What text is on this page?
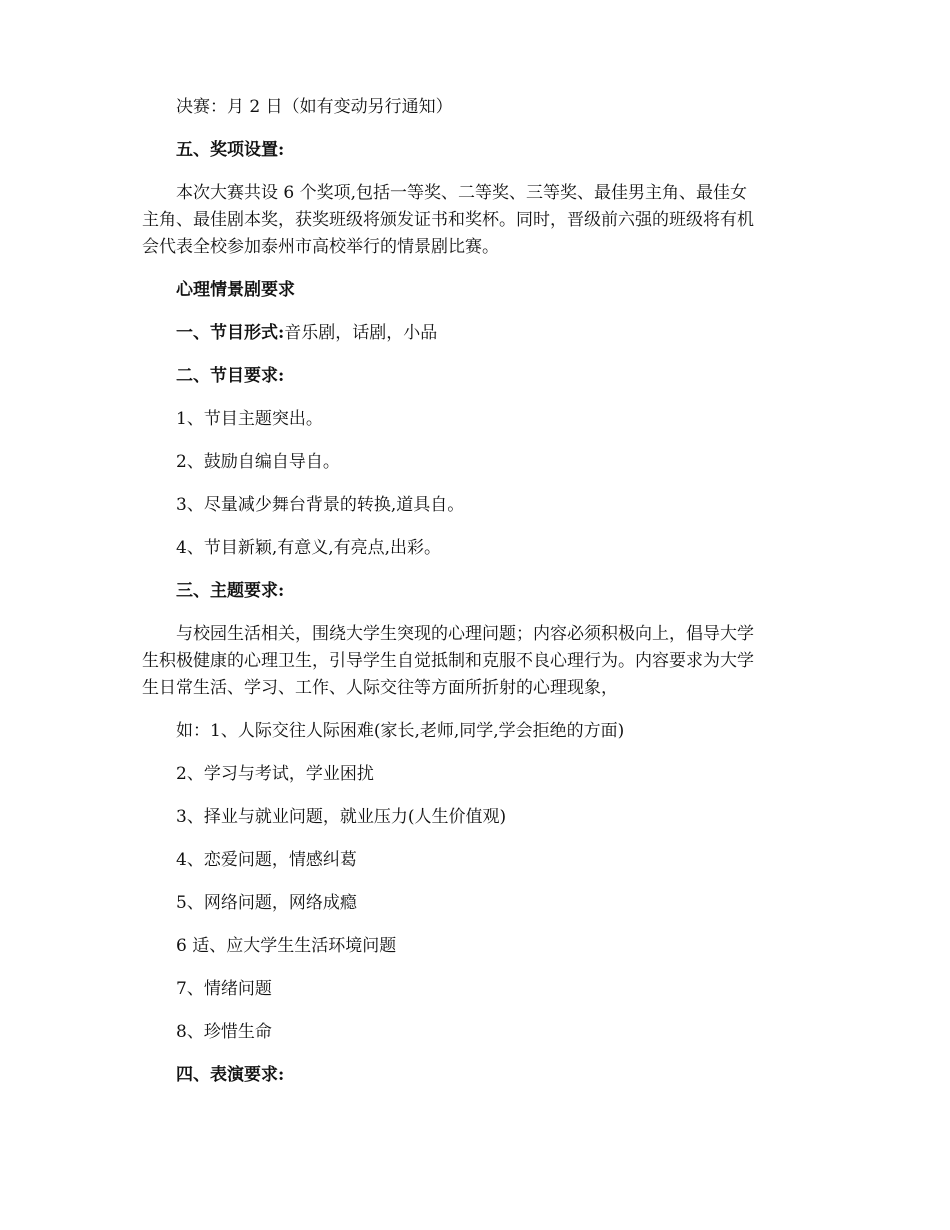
决赛：月 2 日（如有变动另行通知）

五、奖项设置:

本次大赛共设 6 个奖项,包括一等奖、二等奖、三等奖、最佳男主角、最佳女
主角、最佳剧本奖，获奖班级将颁发证书和奖杯。同时，晋级前六强的班级将有机
会代表全校参加泰州市高校举行的情景剧比赛。

心理情景剧要求

一、节目形式:音乐剧，话剧，小品

二、节目要求:

1、节目主题突出。

2、鼓励自编自导自。

3、尽量减少舞台背景的转换,道具自。

4、节目新颖,有意义,有亮点,出彩。

三、主题要求:

与校园生活相关，围绕大学生突现的心理问题；内容必须积极向上，倡导大学
生积极健康的心理卫生，引导学生自觉抵制和克服不良心理行为。内容要求为大学
生日常生活、学习、工作、人际交往等方面所折射的心理现象，

如：1、人际交往人际困难(家长,老师,同学,学会拒绝的方面)

2、学习与考试，学业困扰

3、择业与就业问题，就业压力(人生价值观)

4、恋爱问题，情感纠葛

5、网络问题，网络成瘾

6 适、应大学生生活环境问题

7、情绪问题

8、珍惜生命

四、表演要求:
